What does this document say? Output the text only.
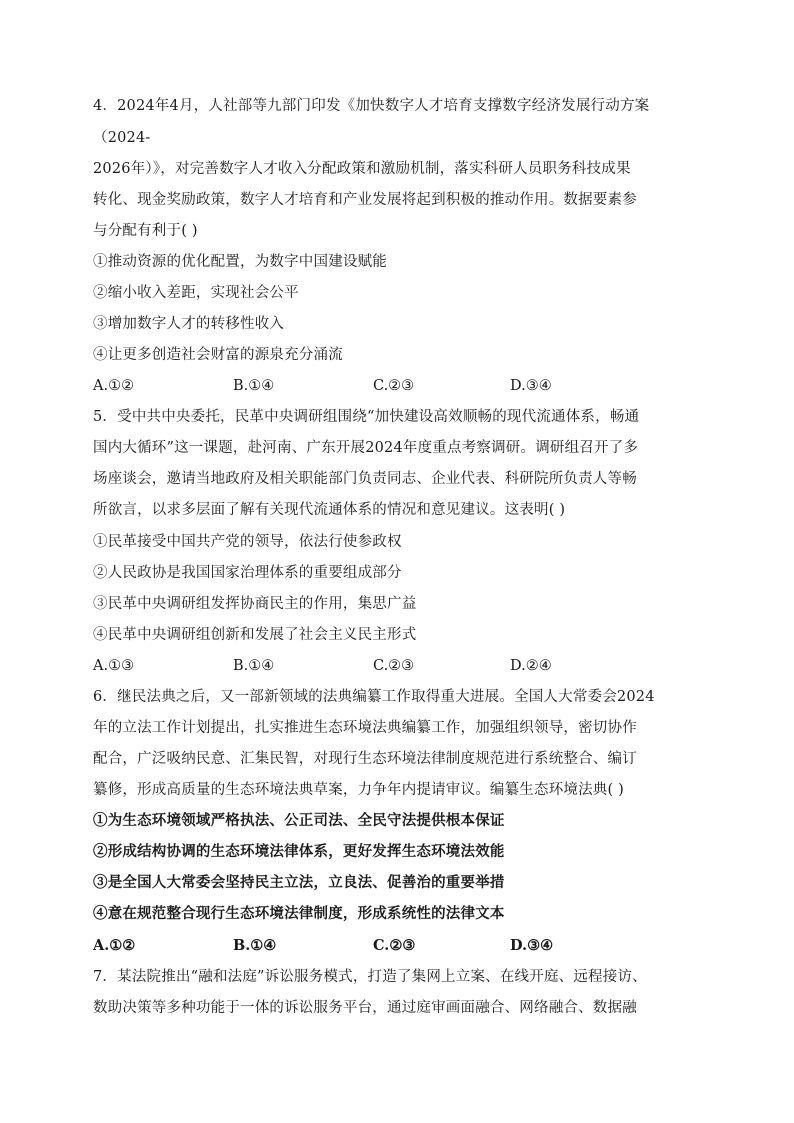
4．2024年4月，人社部等九部门印发《加快数字人才培育支撑数字经济发展行动方案
（2024-
2026年）》，对完善数字人才收入分配政策和激励机制，落实科研人员职务科技成果
转化、现金奖励政策，数字人才培育和产业发展将起到积极的推动作用。数据要素参
与分配有利于( )
①推动资源的优化配置，为数字中国建设赋能
②缩小收入差距，实现社会公平
③增加数字人才的转移性收入
④让更多创造社会财富的源泉充分涌流
A.①②	B.①④	C.②③	D.③④
5．受中共中央委托，民革中央调研组围绕“加快建设高效顺畅的现代流通体系，畅通
国内大循环”这一课题，赴河南、广东开展2024年度重点考察调研。调研组召开了多
场座谈会，邀请当地政府及相关职能部门负责同志、企业代表、科研院所负责人等畅
所欲言，以求多层面了解有关现代流通体系的情况和意见建议。这表明( )
①民革接受中国共产党的领导，依法行使参政权
②人民政协是我国国家治理体系的重要组成部分
③民革中央调研组发挥协商民主的作用，集思广益
④民革中央调研组创新和发展了社会主义民主形式
A.①③	B.①④	C.②③	D.②④
6．继民法典之后，又一部新领域的法典编纂工作取得重大进展。全国人大常委会2024
年的立法工作计划提出，扎实推进生态环境法典编纂工作，加强组织领导，密切协作
配合，广泛吸纳民意、汇集民智，对现行生态环境法律制度规范进行系统整合、编订
纂修，形成高质量的生态环境法典草案，力争年内提请审议。编纂生态环境法典( )
①为生态环境领域严格执法、公正司法、全民守法提供根本保证
②形成结构协调的生态环境法律体系，更好发挥生态环境法效能
③是全国人大常委会坚持民主立法，立良法、促善治的重要举措
④意在规范整合现行生态环境法律制度，形成系统性的法律文本
A.①②	B.①④	C.②③	D.③④
7．某法院推出“融和法庭”诉讼服务模式，打造了集网上立案、在线开庭、远程接访、
数助决策等多种功能于一体的诉讼服务平台，通过庭审画面融合、网络融合、数据融
